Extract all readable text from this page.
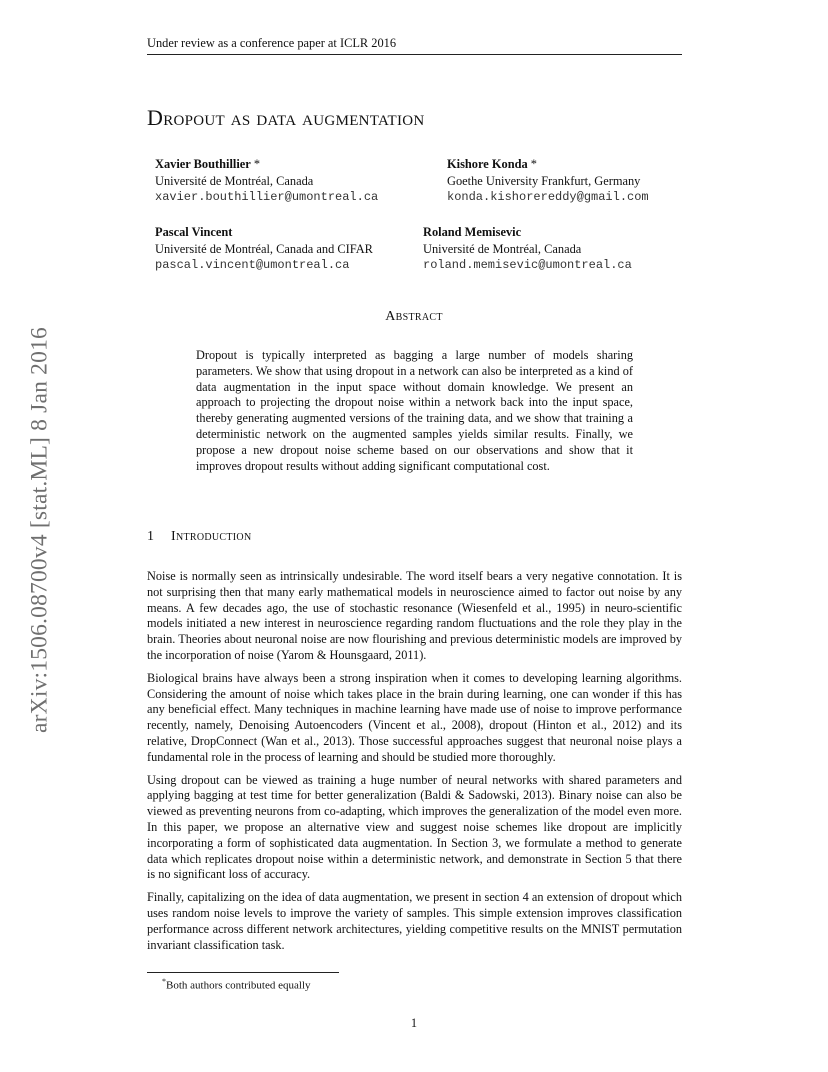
arXiv:1506.08700v4 [stat.ML] 8 Jan 2016
Under review as a conference paper at ICLR 2016
Dropout as data augmentation
Xavier Bouthillier *
Université de Montréal, Canada
xavier.bouthillier@umontreal.ca
Kishore Konda *
Goethe University Frankfurt, Germany
konda.kishorereddy@gmail.com
Pascal Vincent
Université de Montréal, Canada and CIFAR
pascal.vincent@umontreal.ca
Roland Memisevic
Université de Montréal, Canada
roland.memisevic@umontreal.ca
Abstract
Dropout is typically interpreted as bagging a large number of models sharing parameters. We show that using dropout in a network can also be interpreted as a kind of data augmentation in the input space without domain knowledge. We present an approach to projecting the dropout noise within a network back into the input space, thereby generating augmented versions of the training data, and we show that training a deterministic network on the augmented samples yields similar results. Finally, we propose a new dropout noise scheme based on our observations and show that it improves dropout results without adding significant computational cost.
1 Introduction

Noise is normally seen as intrinsically undesirable. The word itself bears a very negative connotation. It is not surprising then that many early mathematical models in neuroscience aimed to factor out noise by any means. A few decades ago, the use of stochastic resonance (Wiesenfeld et al., 1995) in neuro-scientific models initiated a new interest in neuroscience regarding random fluctuations and the role they play in the brain. Theories about neuronal noise are now flourishing and previous deterministic models are improved by the incorporation of noise (Yarom & Hounsgaard, 2011).

Biological brains have always been a strong inspiration when it comes to developing learning algorithms. Considering the amount of noise which takes place in the brain during learning, one can wonder if this has any beneficial effect. Many techniques in machine learning have made use of noise to improve performance recently, namely, Denoising Autoencoders (Vincent et al., 2008), dropout (Hinton et al., 2012) and its relative, DropConnect (Wan et al., 2013). Those successful approaches suggest that neuronal noise plays a fundamental role in the process of learning and should be studied more thoroughly.

Using dropout can be viewed as training a huge number of neural networks with shared parameters and applying bagging at test time for better generalization (Baldi & Sadowski, 2013). Binary noise can also be viewed as preventing neurons from co-adapting, which improves the generalization of the model even more. In this paper, we propose an alternative view and suggest noise schemes like dropout are implicitly incorporating a form of sophisticated data augmentation. In Section 3, we formulate a method to generate data which replicates dropout noise within a deterministic network, and demonstrate in Section 5 that there is no significant loss of accuracy.

Finally, capitalizing on the idea of data augmentation, we present in section 4 an extension of dropout which uses random noise levels to improve the variety of samples. This simple extension improves classification performance across different network architectures, yielding competitive results on the MNIST permutation invariant classification task.

*Both authors contributed equally
1
